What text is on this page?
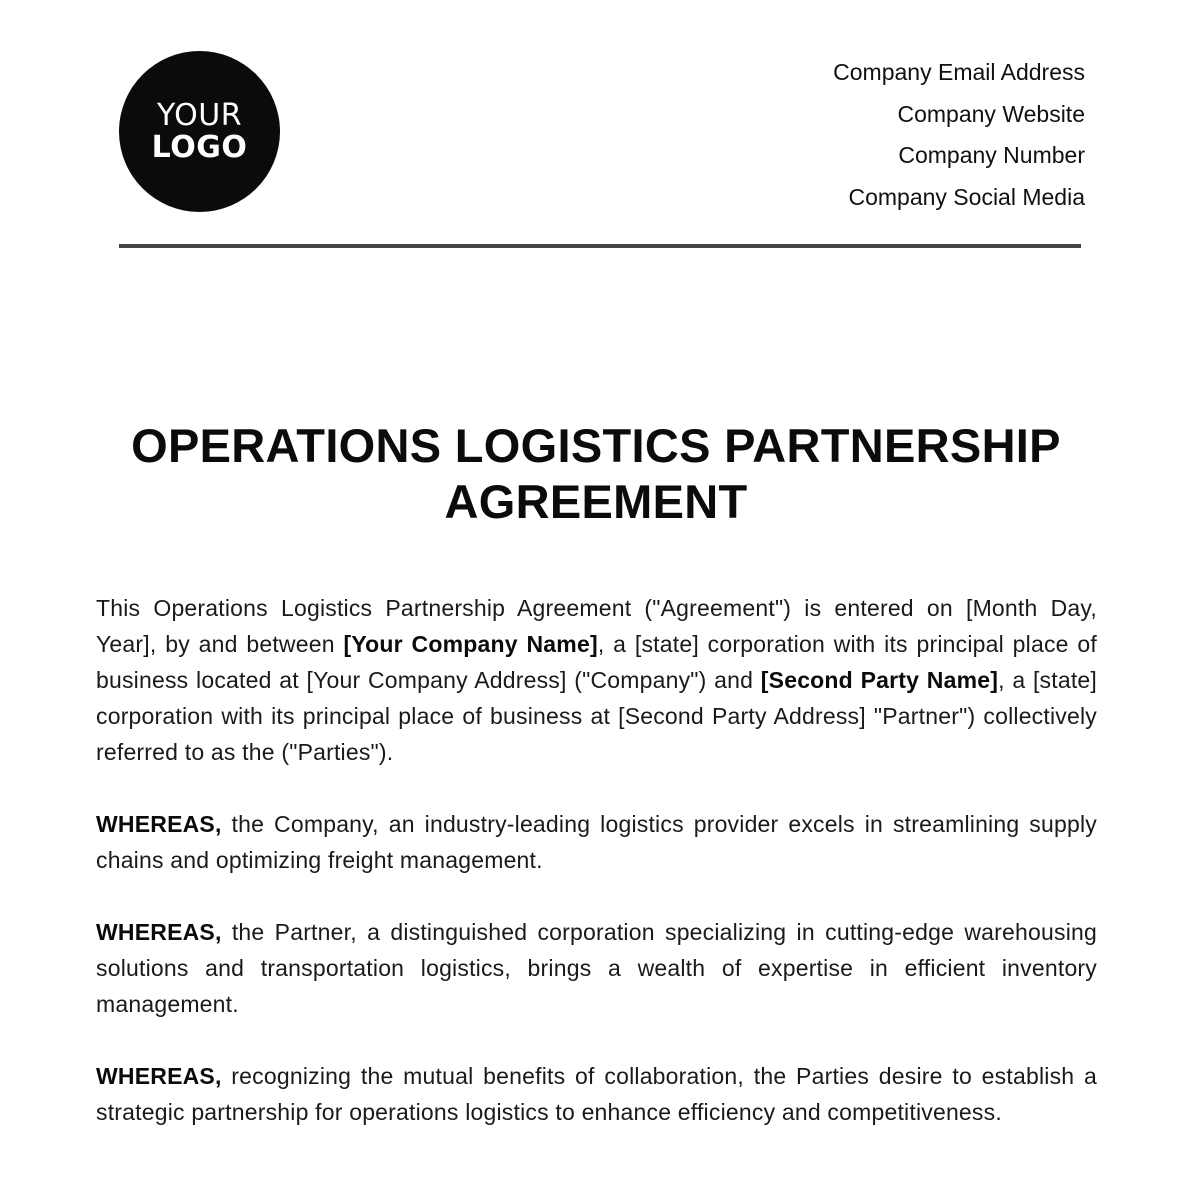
YOUR
LOGO
Company Email Address
Company Website
Company Number
Company Social Media
OPERATIONS LOGISTICS PARTNERSHIP AGREEMENT

This Operations Logistics Partnership Agreement ("Agreement") is entered on [Month Day, Year], by and between [Your Company Name], a [state] corporation with its principal place of business located at [Your Company Address] ("Company") and [Second Party Name], a [state] corporation with its principal place of business at [Second Party Address] "Partner") collectively referred to as the ("Parties").

WHEREAS, the Company, an industry-leading logistics provider excels in streamlining supply chains and optimizing freight management.

WHEREAS, the Partner, a distinguished corporation specializing in cutting-edge warehousing solutions and transportation logistics, brings a wealth of expertise in efficient inventory management.

WHEREAS, recognizing the mutual benefits of collaboration, the Parties desire to establish a strategic partnership for operations logistics to enhance efficiency and competitiveness.
